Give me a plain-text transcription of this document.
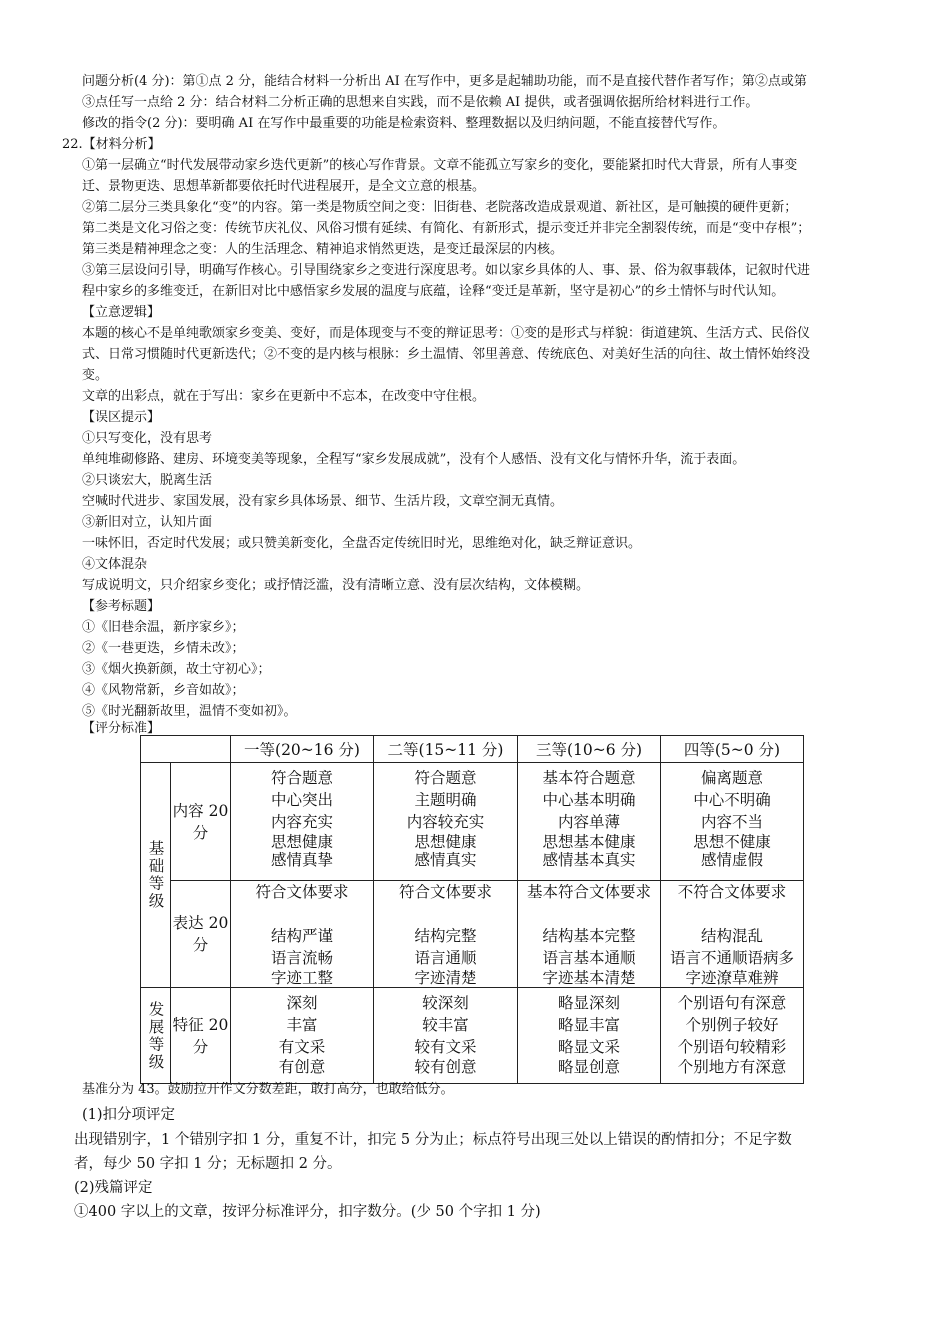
问题分析(4 分)：第①点 2 分，能结合材料一分析出 AI 在写作中，更多是起辅助功能，而不是直接代替作者写作；第②点或第
③点任写一点给 2 分：结合材料二分析正确的思想来自实践，而不是依赖 AI 提供，或者强调依据所给材料进行工作。
修改的指令(2 分)：要明确 AI 在写作中最重要的功能是检索资料、整理数据以及归纳问题，不能直接替代写作。
22.【材料分析】
①第一层确立“时代发展带动家乡迭代更新”的核心写作背景。文章不能孤立写家乡的变化，要能紧扣时代大背景，所有人事变
迁、景物更迭、思想革新都要依托时代进程展开，是全文立意的根基。
②第二层分三类具象化“变”的内容。第一类是物质空间之变：旧街巷、老院落改造成景观道、新社区，是可触摸的硬件更新；
第二类是文化习俗之变：传统节庆礼仪、风俗习惯有延续、有简化、有新形式，提示变迁并非完全割裂传统，而是“变中存根”；
第三类是精神理念之变：人的生活理念、精神追求悄然更迭，是变迁最深层的内核。
③第三层设问引导，明确写作核心。引导围绕家乡之变进行深度思考。如以家乡具体的人、事、景、俗为叙事载体，记叙时代进
程中家乡的多维变迁，在新旧对比中感悟家乡发展的温度与底蕴，诠释“变迁是革新，坚守是初心”的乡土情怀与时代认知。
【立意逻辑】
本题的核心不是单纯歌颂家乡变美、变好，而是体现变与不变的辩证思考：①变的是形式与样貌：街道建筑、生活方式、民俗仪
式、日常习惯随时代更新迭代；②不变的是内核与根脉：乡土温情、邻里善意、传统底色、对美好生活的向往、故土情怀始终没
变。
文章的出彩点，就在于写出：家乡在更新中不忘本，在改变中守住根。
【误区提示】
①只写变化，没有思考
单纯堆砌修路、建房、环境变美等现象，全程写“家乡发展成就”，没有个人感悟、没有文化与情怀升华，流于表面。
②只谈宏大，脱离生活
空喊时代进步、家国发展，没有家乡具体场景、细节、生活片段，文章空洞无真情。
③新旧对立，认知片面
一味怀旧，否定时代发展；或只赞美新变化，全盘否定传统旧时光，思维绝对化，缺乏辩证意识。
④文体混杂
写成说明文，只介绍家乡变化；或抒情泛滥，没有清晰立意、没有层次结构，文体模糊。
【参考标题】
①《旧巷余温，新序家乡》；
②《一巷更迭，乡情未改》；
③《烟火换新颜，故土守初心》；
④《风物常新，乡音如故》；
⑤《时光翻新故里，温情不变如初》。
【评分标准】
		一等(20~16 分)	二等(15~11 分)	三等(10~6 分)	四等(5~0 分)
基础等级	内容 20
分	符合题意
中心突出
内容充实
思想健康
感情真挚	符合题意
主题明确
内容较充实
思想健康
感情真实	基本符合题意
中心基本明确
内容单薄
思想基本健康
感情基本真实	偏离题意
中心不明确
内容不当
思想不健康
感情虚假

	表达 20
分	符合文体要求
结构严谨
语言流畅
字迹工整	符合文体要求
结构完整
语言通顺
字迹清楚	基本符合文体要求
结构基本完整
语言基本通顺
字迹基本清楚	不符合文体要求
结构混乱
语言不通顺语病多
字迹潦草难辨

发展等级	特征 20
分	深刻
丰富
有文采
有创意	较深刻
较丰富
较有文采
较有创意	略显深刻
略显丰富
略显文采
略显创意	个别语句有深意
个别例子较好
个别语句较精彩
个别地方有深意
基准分为 43。鼓励拉开作文分数差距，敢打高分，也敢给低分。
(1)扣分项评定
出现错别字，1 个错别字扣 1 分，重复不计，扣完 5 分为止；标点符号出现三处以上错误的酌情扣分；不足字数
者，每少 50 字扣 1 分；无标题扣 2 分。
(2)残篇评定
①400 字以上的文章，按评分标准评分，扣字数分。(少 50 个字扣 1 分)
